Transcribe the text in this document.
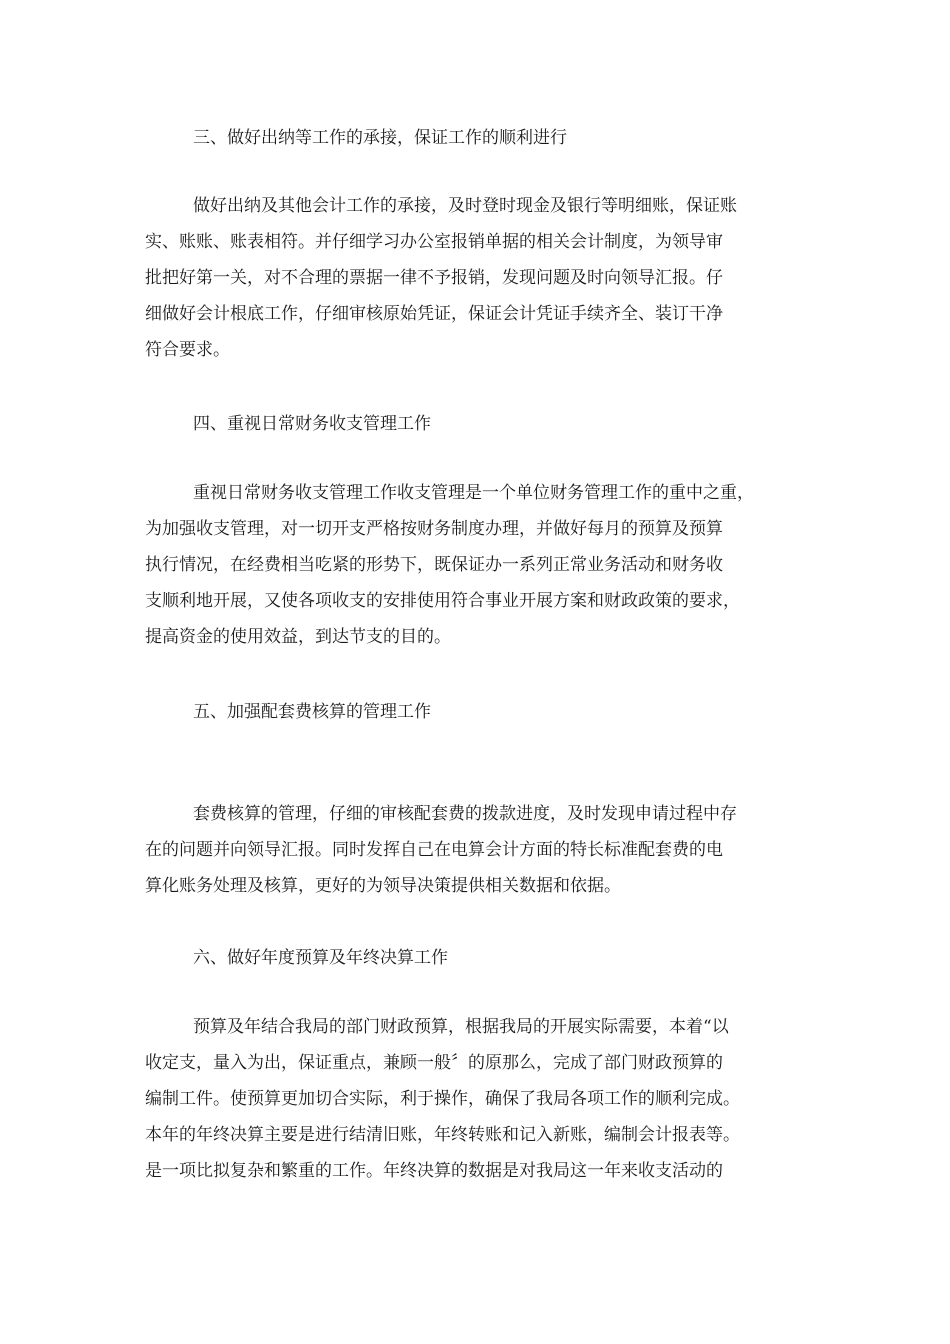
三、做好出纳等工作的承接，保证工作的顺利进行
做好出纳及其他会计工作的承接，及时登时现金及银行等明细账，保证账
实、账账、账表相符。并仔细学习办公室报销单据的相关会计制度，为领导审
批把好第一关，对不合理的票据一律不予报销，发现问题及时向领导汇报。仔
细做好会计根底工作，仔细审核原始凭证，保证会计凭证手续齐全、装订干净
符合要求。
四、重视日常财务收支管理工作
重视日常财务收支管理工作收支管理是一个单位财务管理工作的重中之重，
为加强收支管理，对一切开支严格按财务制度办理，并做好每月的预算及预算
执行情况，在经费相当吃紧的形势下，既保证办一系列正常业务活动和财务收
支顺利地开展，又使各项收支的安排使用符合事业开展方案和财政政策的要求，
提高资金的使用效益，到达节支的目的。
五、加强配套费核算的管理工作
套费核算的管理，仔细的审核配套费的拨款进度，及时发现申请过程中存
在的问题并向领导汇报。同时发挥自己在电算会计方面的特长标准配套费的电
算化账务处理及核算，更好的为领导决策提供相关数据和依据。
六、做好年度预算及年终决算工作
预算及年结合我局的部门财政预算，根据我局的开展实际需要，本着“以
收定支，量入为出，保证重点，兼顾一般〞的原那么，完成了部门财政预算的
编制工件。使预算更加切合实际，利于操作，确保了我局各项工作的顺利完成。
本年的年终决算主要是进行结清旧账，年终转账和记入新账，编制会计报表等。
是一项比拟复杂和繁重的工作。年终决算的数据是对我局这一年来收支活动的
